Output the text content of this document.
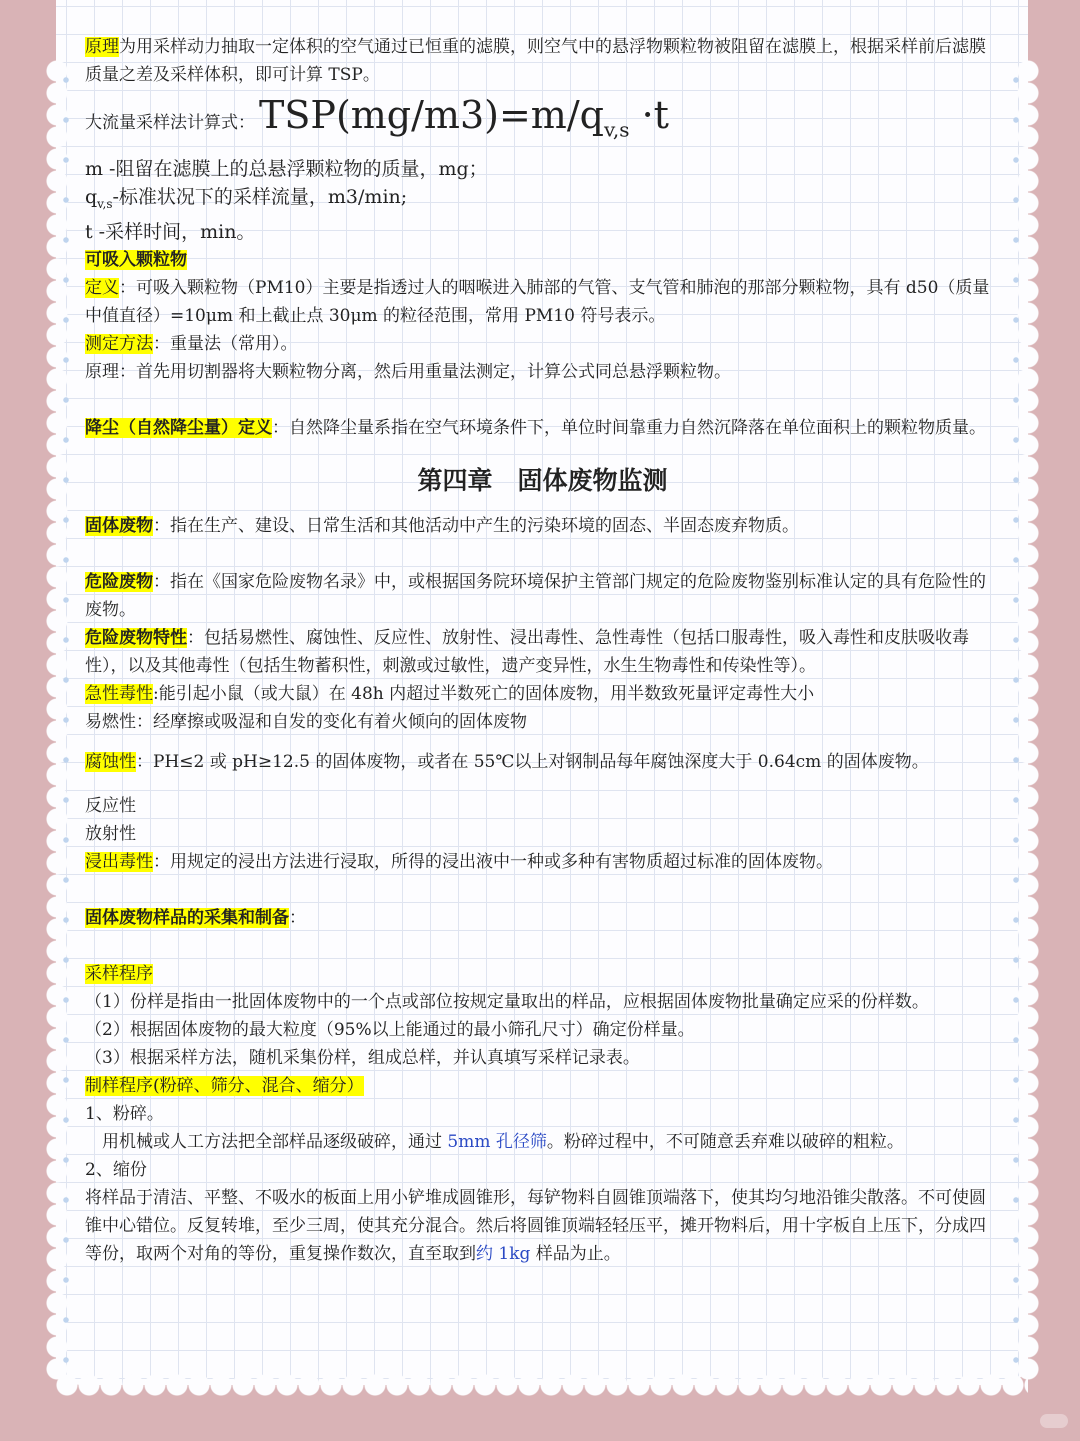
原理为用采样动力抽取一定体积的空气通过已恒重的滤膜，则空气中的悬浮物颗粒物被阻留在滤膜上，根据采样前后滤膜质量之差及采样体积，即可计算 TSP。

大流量采样法计算式： $TSP(mg/m3)=m/q_{v,s} \cdot t$

m -阻留在滤膜上的总悬浮颗粒物的质量，mg；

$q_{v,s}-$标准状况下的采样流量，m3/min;

t -采样时间，min。

可吸入颗粒物

定义：可吸入颗粒物（PM10）主要是指透过人的咽喉进入肺部的气管、支气管和肺泡的那部分颗粒物，具有 d50（质量中值直径）=10μm 和上截止点 30μm 的粒径范围，常用 PM10 符号表示。

测定方法：重量法（常用）。

原理：首先用切割器将大颗粒物分离，然后用重量法测定，计算公式同总悬浮颗粒物。

降尘（自然降尘量）定义：自然降尘量系指在空气环境条件下，单位时间靠重力自然沉降落在单位面积上的颗粒物质量。

第四章　固体废物监测

固体废物：指在生产、建设、日常生活和其他活动中产生的污染环境的固态、半固态废弃物质。

危险废物：指在《国家危险废物名录》中，或根据国务院环境保护主管部门规定的危险废物鉴别标准认定的具有危险性的废物。

危险废物特性：包括易燃性、腐蚀性、反应性、放射性、浸出毒性、急性毒性（包括口服毒性，吸入毒性和皮肤吸收毒性），以及其他毒性（包括生物蓄积性，刺激或过敏性，遗产变异性，水生生物毒性和传染性等）。

急性毒性:能引起小鼠（或大鼠）在 48h 内超过半数死亡的固体废物，用半数致死量评定毒性大小

易燃性：经摩擦或吸湿和自发的变化有着火倾向的固体废物

腐蚀性：PH≤2 或 pH≥12.5 的固体废物，或者在 55℃以上对钢制品每年腐蚀深度大于 0.64cm 的固体废物。

反应性

放射性

浸出毒性：用规定的浸出方法进行浸取，所得的浸出液中一种或多种有害物质超过标准的固体废物。

固体废物样品的采集和制备：

采样程序

（1）份样是指由一批固体废物中的一个点或部位按规定量取出的样品，应根据固体废物批量确定应采的份样数。

（2）根据固体废物的最大粒度（95%以上能通过的最小筛孔尺寸）确定份样量。

（3）根据采样方法，随机采集份样，组成总样，并认真填写采样记录表。

制样程序(粉碎、筛分、混合、缩分）

1、粉碎。

　用机械或人工方法把全部样品逐级破碎，通过 5mm 孔径筛。粉碎过程中，不可随意丢弃难以破碎的粗粒。

2、缩份

将样品于清洁、平整、不吸水的板面上用小铲堆成圆锥形，每铲物料自圆锥顶端落下，使其均匀地沿锥尖散落。不可使圆锥中心错位。反复转堆，至少三周，使其充分混合。然后将圆锥顶端轻轻压平，摊开物料后，用十字板自上压下，分成四等份，取两个对角的等份，重复操作数次，直至取到约 1kg 样品为止。
